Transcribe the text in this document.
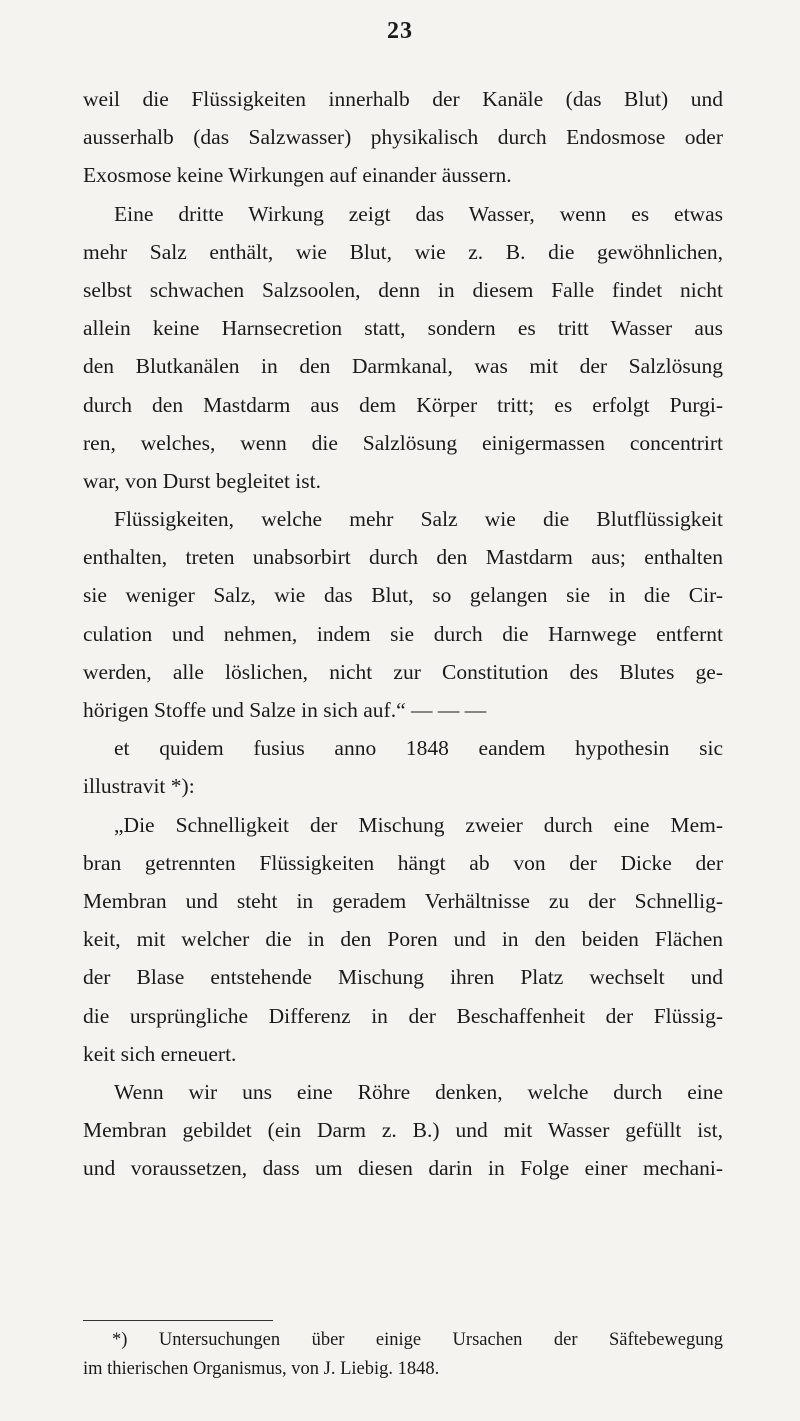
23
weil die Flüssigkeiten innerhalb der Kanäle (das Blut) und
ausserhalb (das Salzwasser) physikalisch durch Endosmose oder
Exosmose keine Wirkungen auf einander äussern.
Eine dritte Wirkung zeigt das Wasser, wenn es etwas
mehr Salz enthält, wie Blut, wie z. B. die gewöhnlichen,
selbst schwachen Salzsoolen, denn in diesem Falle findet nicht
allein keine Harnsecretion statt, sondern es tritt Wasser aus
den Blutkanälen in den Darmkanal, was mit der Salzlösung
durch den Mastdarm aus dem Körper tritt; es erfolgt Purgi-
ren, welches, wenn die Salzlösung einigermassen concentrirt
war, von Durst begleitet ist.
Flüssigkeiten, welche mehr Salz wie die Blutflüssigkeit
enthalten, treten unabsorbirt durch den Mastdarm aus; enthalten
sie weniger Salz, wie das Blut, so gelangen sie in die Cir-
culation und nehmen, indem sie durch die Harnwege entfernt
werden, alle löslichen, nicht zur Constitution des Blutes ge-
hörigen Stoffe und Salze in sich auf.“ — — —
et quidem fusius anno 1848 eandem hypothesin sic
illustravit *):
„Die Schnelligkeit der Mischung zweier durch eine Mem-
bran getrennten Flüssigkeiten hängt ab von der Dicke der
Membran und steht in geradem Verhältnisse zu der Schnellig-
keit, mit welcher die in den Poren und in den beiden Flächen
der Blase entstehende Mischung ihren Platz wechselt und
die ursprüngliche Differenz in der Beschaffenheit der Flüssig-
keit sich erneuert.
Wenn wir uns eine Röhre denken, welche durch eine
Membran gebildet (ein Darm z. B.) und mit Wasser gefüllt ist,
und voraussetzen, dass um diesen darin in Folge einer mechani-
*) Untersuchungen über einige Ursachen der Säftebewegung
im thierischen Organismus, von J. Liebig. 1848.
